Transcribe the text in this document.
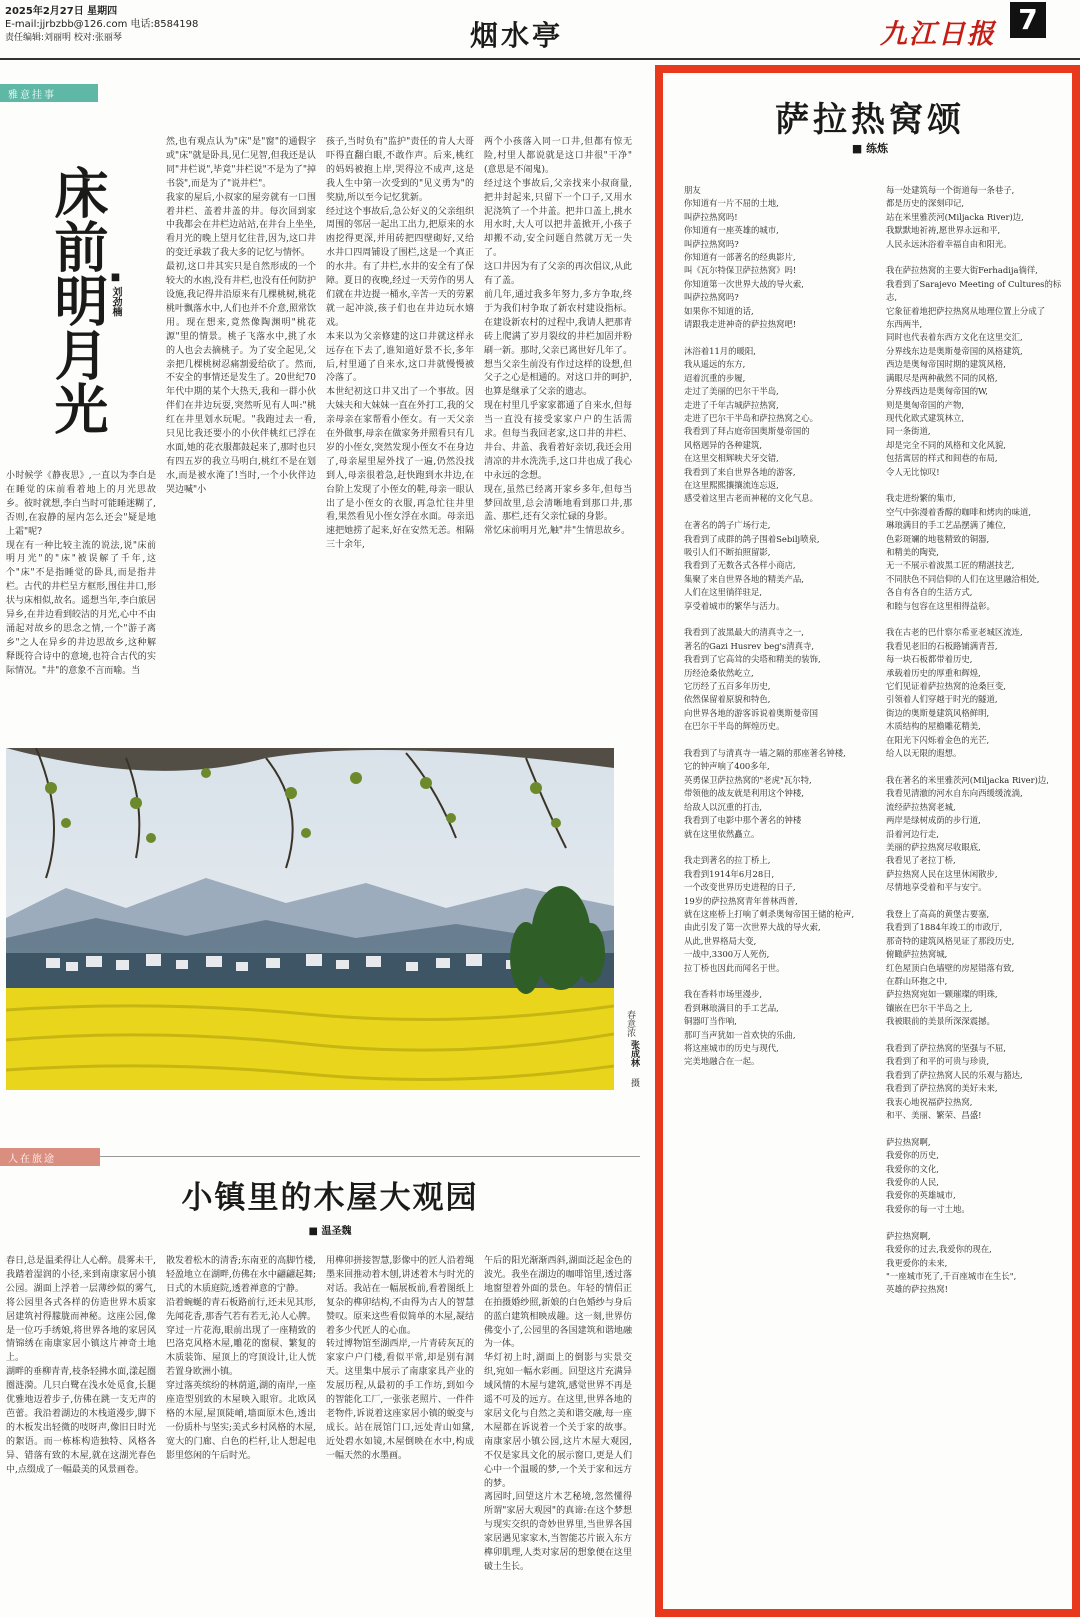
2025年2月27日 星期四
E-mail:jjrbzbb@126.com 电话:8584198
责任编辑:刘丽明 校对:张丽琴	烟水亭	九江日报 7
雅意挂事
床前明月光 ■ 刘劲楠
小时候学《静夜思》,一直以为李白是在睡觉的床前看着地上的月光思故乡。彼时就想,李白当时可能睡迷糊了,否则,在寂静的屋内怎么还会"疑是地上霜"呢?
现在有一种比较主流的说法,说"床前明月光"的"床"被误解了千年,这个"床"不是指睡觉的卧具,而是指井栏。古代的井栏呈方框形,围住井口,形状与床相似,故名。遥想当年,李白旅居异乡,在井边看到皎洁的月光,心中不由涌起对故乡的思念之情,一个"游子离乡"之人在异乡的井边思故乡,这种解释既符合诗中的意境,也符合古代的实际情况。"井"的意象不言而喻。当
然,也有观点认为"床"是"窗"的通假字或"床"就是卧具,见仁见智,但我还是认同"井栏说",毕竟"井栏说"不是为了"掉书袋",而是为了"说井栏"。
我家的屋后,小叔家的屋旁就有一口围着井栏、盖着井盖的井。每次回到家中我都会在井栏边站站,在井台上坐坐,看月光的晚上望月忆往昔,因为,这口井的变迁承载了我大多的记忆与情怀。
最初,这口井其实只是自然形成的一个较大的水凼,没有井栏,也没有任何防护设施,我记得井沿原来有几棵桃树,桃花桃叶飘落水中,人们也并不介意,照常饮用。现在想来,竟然像陶渊明"桃花源"里的情景。桃子飞落水中,挑了水的人也会去摘桃子。为了安全起见,父亲把几棵桃树忍痛割爱给砍了。然而,不安全的事情还是发生了。20世纪70年代中期的某个大热天,我和一群小伙伴们在井边玩耍,突然听见有人叫:"桃红在井里划水玩呢。"我跑过去一看,只见比我还要小的小伙伴桃红已浮在水面,她的花衣服都鼓起来了,那时也只有四五岁的我立马明白,桃红不是在划水,而是被水淹了!当时,一个小伙伴边哭边喊"小
孩子,当时负有"监护"责任的肯人大哥吓得直翻白眼,不敢作声。后来,桃红的妈妈被抱上岸,哭得泣不成声,这是我人生中第一次受到的"见义勇为"的奖励,所以至今记忆犹新。
经过这个事故后,急公好义的父亲组织周围的邻居一起出工出力,把原来的水凼挖得更深,并用砖把四壁砌好,又给水井口四周铺设了围栏,这是一个真正的水井。有了井栏,水井的安全有了保障。夏日的夜晚,经过一天劳作的男人们就在井边提一桶水,辛苦一天的劳累就一起冲淡,孩子们也在井边玩水嬉戏。
本来以为父亲修建的这口井就这样永远存在下去了,谁知道好景不长,多年后,村里通了自来水,这口井就慢慢被冷落了。
本世纪初这口井又出了一个事故。因大妹夫和大妹妹一直在外打工,我的父亲母亲在家帮看小侄女。有一天父亲在外做事,母亲在做家务并照看只有几岁的小侄女,突然发现小侄女不在身边了,母亲屋里屋外找了一遍,仍然没找到人,母亲很着急,赶快跑到水井边,在台阶上发现了小侄女的鞋,母亲一眼认出了是小侄女的衣服,再急忙往井里看,果然看见小侄女浮在水面。母亲迅速把她捞了起来,好在安然无恙。相隔三十余年,
两个小孩落入同一口井,但都有惊无险,村里人都说就是这口井很"干净"(意思是不闹鬼)。
经过这个事故后,父亲找来小叔商量,把井封起来,只留下一个口子,又用水泥浇筑了一个井盖。把井口盖上,挑水用水时,大人可以把井盖掀开,小孩子却搬不动,安全问题自然就万无一失了。
这口井因为有了父亲的再次倡议,从此有了盖。
前几年,通过我多年努力,多方争取,终于为我们村争取了新农村建设指标。在建设新农村的过程中,我请人把那青砖上爬满了岁月裂纹的井栏加固并粉刷一新。那时,父亲已离世好几年了。想当父亲生前没有作过这样的设想,但父子之心是相通的。对这口井的呵护,也算是继承了父亲的遗志。
现在村里几乎家家都通了自来水,但每当一直没有接受家家户户的生活需求。但每当我回老家,这口井的井栏、井台、井盖、我看着好亲切,我还会用清凉的井水洗洗手,这口井也成了我心中永远的念想。
现在,虽然已经离开家乡多年,但每当梦回故里,总会清晰地看到那口井,那盖、那栏,还有父亲忙碌的身影。
常忆床前明月光,触"井"生情思故乡。
春意浓
张成林
摄
人在旅途
小镇里的木屋大观园
■ 温圣魏
春日,总是温柔得让人心醉。晨雾未干,我踏着湿润的小径,来到南康家居小镇公园。湖面上浮着一层薄纱似的雾气,将公园里各式各样的仿造世界木质家居建筑衬得朦胧而神秘。这座公园,像是一位巧手绣娘,将世界各地的家居风情锦绣在南康家居小镇这片神奇土地上。
湖畔的垂柳青青,枝条轻拂水面,漾起圈圈涟漪。几只白鹭在浅水处觅食,长腿优雅地迈着步子,仿佛在跳一支无声的芭蕾。我沿着湖边的木栈道漫步,脚下的木板发出轻微的吱呀声,像旧日时光的絮语。而一栋栋构造独特、风格各异、错落有致的木屋,就在这湖光春色中,点缀成了一幅最美的风景画卷。
散发着松木的清香;东南亚的高脚竹楼,轻盈地立在湖畔,仿佛在水中翩翩起舞;日式的木质庭院,透着禅意的宁静。
沿着蜿蜒的青石板路前行,还未见其形,先闻花香,那香气若有若无,沁人心脾。穿过一片花海,眼前出现了一座精致的巴洛克风格木屋,雕花的窗棂、繁复的木质装饰、屋顶上的穹顶设计,让人恍若置身欧洲小镇。
穿过落英缤纷的林荫道,湖的南岸,一座座造型别致的木屋映入眼帘。北欧风格的木屋,屋顶陡峭,墙面原木色,透出一份质朴与坚实;美式乡村风格的木屋,宽大的门廊、白色的栏杆,让人想起电影里悠闲的午后时光。
用榫卯拼接智慧,影像中的匠人沿着绳墨来回推动着木刨,讲述着木与时光的对话。我站在一幅展板前,看着图纸上复杂的榫卯结构,不由得为古人的智慧赞叹。原来这些看似简单的木屋,凝结着多少代匠人的心血。
转过博物馆至湖西岸,一片青砖灰瓦的家家户户门楼,看似平常,却是别有洞天。这里集中展示了南康家具产业的发展历程,从最初的手工作坊,到如今的智能化工厂,一张张老照片、一件件老物件,诉说着这座家居小镇的蜕变与成长。站在展馆门口,远处青山如黛,近处碧水如镜,木屋倒映在水中,构成一幅天然的水墨画。
午后的阳光渐渐西斜,湖面泛起金色的波光。我坐在湖边的咖啡馆里,透过落地窗望着外面的景色。年轻的情侣正在拍摄婚纱照,新娘的白色婚纱与身后的蓝白建筑相映成趣。这一刻,世界仿佛变小了,公园里的各国建筑和谐地融为一体。
华灯初上时,湖面上的倒影与实景交织,宛如一幅水彩画。回望这片充满异域风情的木屋与建筑,感觉世界不再是遥不可及的远方。在这里,世界各地的家居文化与自然之美和谐交融,每一座木屋都在诉说着一个关于家的故事。南康家居小镇公园,这片木屋大观园,不仅是家具文化的展示窗口,更是人们心中一个温暖的梦,一个关于家和远方的梦。
离园时,回望这片木艺秘境,忽然懂得所谓"家居大观园"的真谛:在这个梦想与现实交织的奇妙世界里,当世界各国家居遇见家家木,当智能芯片嵌入东方榫卯肌理,人类对家居的想象便在这里破土生长。
萨拉热窝颂
■ 练炼
朋友
你知道有一片不屈的土地,
叫萨拉热窝吗!
你知道有一座英雄的城市,
叫萨拉热窝吗?
你知道有一部著名的经典影片,
叫《瓦尔特保卫萨拉热窝》吗!
你知道第一次世界大战的导火索,
叫萨拉热窝吗?
如果你不知道的话,
请跟我走进神奇的萨拉热窝吧!

沐浴着11月的暖阳,
我从遥远的东方,
迢着沉重的步履,
走过了美丽的巴尔干半岛,
走进了千年古城萨拉热窝,
走进了巴尔干半岛和萨拉热窝之心。
我看到了拜占庭帝国奥斯曼帝国的
风格迥异的各种建筑,
在这里交相辉映犬牙交错,
我看到了来自世界各地的游客,
在这里熙熙攘攘流连忘返,
感受着这里古老而神秘的文化气息。

在著名的鸽子广场行走,
我看到了成群的鸽子围着Sebilj喷泉,
吸引人们不断拍照留影,
我看到了无数各式各样小商店,
集聚了来自世界各地的精美产品,
人们在这里徜徉驻足,
享受着城市的繁华与活力。

我看到了波黑最大的清真寺之一,
著名的Gazi Husrev beg's清真寺,
我看到了它高耸的尖塔和精美的装饰,
历经沧桑依然屹立,
它历经了五百多年历史,
依然保留着原貌和特色,
向世界各地的游客诉说着奥斯曼帝国
在巴尔干半岛的辉煌历史。

我看到了与清真寺一墙之隔的那座著名钟楼,
它的钟声响了400多年,
英勇保卫萨拉热窝的"老虎"瓦尔特,
带领他的战友就是利用这个钟楼,
给敌人以沉重的打击,
我看到了电影中那个著名的钟楼
就在这里依然矗立。

我走到著名的拉丁桥上,
我看到1914年6月28日,
一个改变世界历史进程的日子,
19岁的萨拉热窝青年普林西普,
就在这座桥上打响了刺杀奥匈帝国王储的枪声,
由此引发了第一次世界大战的导火索,
从此,世界格局大变,
一战中,3300万人死伤,
拉丁桥也因此而闻名于世。

我在香料市场里漫步,
看到琳琅满目的手工艺品,
铜器叮当作响,
那叮当声犹如一首欢快的乐曲,
将这座城市的历史与现代,
完美地融合在一起。
每一处建筑每一个街道每一条巷子,
都是历史的深刻印记,
站在米里雅茨河(Miljacka River)边,
我默默地祈祷,愿世界永远和平,
人民永远沐浴着幸福自由和阳光。

我在萨拉热窝的主要大街Ferhadija徜徉,
我看到了Sarajevo Meeting of Cultures的标志,
它象征着地把萨拉热窝从地理位置上分成了
东西两半,
同时也代表着东西方文化在这里交汇,
分界线东边是奥斯曼帝国的风格建筑,
西边是奥匈帝国时期的建筑风格,
满眼尽是两种截然不同的风格,
分界线西边是奥匈帝国的W,
则是奥匈帝国的产物,
现代化欧式建筑林立,
同一条街道,
却是完全不同的风格和文化风貌,
包括寓居的样式和闾巷的布局,
令人无比惊叹!

我走进纷繁的集市,
空气中弥漫着香醇的咖啡和烤肉的味道,
琳琅满目的手工艺品摆满了摊位,
色彩斑斓的地毯精致的铜器,
和精美的陶瓷,
无一不展示着波黑工匠的精湛技艺,
不同肤色不同信仰的人们在这里融洽相处,
各自有各自的生活方式,
和睦与包容在这里相得益彰。

我在古老的巴什察尔希亚老城区流连,
我看见老旧的石板路铺满青苔,
每一块石板都带着历史,
承载着历史的厚重和辉煌,
它们见证着萨拉热窝的沧桑巨变,
引领着人们穿越于时光的隧道,
街边的奥斯曼建筑风格鲜明,
木质结构的屋檐雕花精美,
在阳光下闪烁着金色的光芒,
给人以无限的遐想。

我在著名的米里雅茨河(Miljacka River)边,
我看见清澈的河水自东向西缓缓流淌,
流经萨拉热窝老城,
两岸是绿树成荫的步行道,
沿着河边行走,
美丽的萨拉热窝尽收眼底,
我看见了老拉丁桥,
萨拉热窝人民在这里休闲散步,
尽情地享受着和平与安宁。

我登上了高高的黄堡古要塞,
我看到了1884年竣工的市政厅,
那奇特的建筑风格见证了那段历史,
俯瞰萨拉热窝城,
红色屋顶白色墙壁的房屋错落有致,
在群山环抱之中,
萨拉热窝宛如一颗璀璨的明珠,
镶嵌在巴尔干半岛之上,
我被眼前的美景所深深震撼。

我看到了萨拉热窝的坚强与不屈,
我看到了和平的可贵与珍贵,
我看到了萨拉热窝人民的乐观与豁达,
我看到了萨拉热窝的美好未来,
我衷心地祝福萨拉热窝,
和平、美丽、繁荣、昌盛!

萨拉热窝啊,
我爱你的历史,
我爱你的文化,
我爱你的人民,
我爱你的英雄城市,
我爱你的每一寸土地。

萨拉热窝啊,
我爱你的过去,我爱你的现在,
我更爱你的未来,
"一座城市死了,千百座城市在生长",
英雄的萨拉热窝!
